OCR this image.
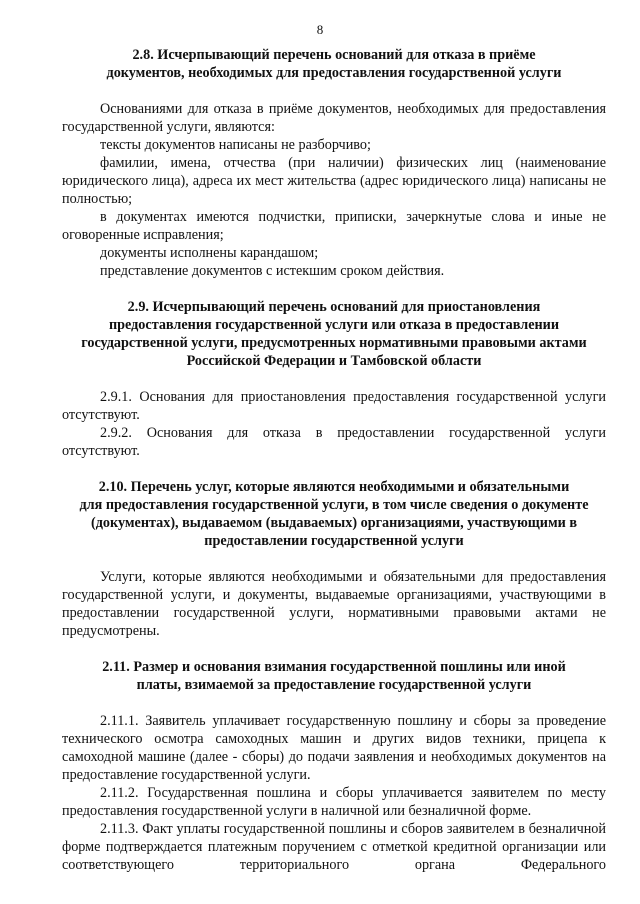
8
2.8. Исчерпывающий перечень оснований для отказа в приёме
документов, необходимых для предоставления государственной услуги

Основаниями для отказа в приёме документов, необходимых для предоставления государственной услуги, являются:

тексты документов написаны не разборчиво;

фамилии, имена, отчества (при наличии) физических лиц (наименование юридического лица), адреса их мест жительства (адрес юридического лица) написаны не полностью;

в документах имеются подчистки, приписки, зачеркнутые слова и иные не оговоренные исправления;

документы исполнены карандашом;

представление документов с истекшим сроком действия.

2.9. Исчерпывающий перечень оснований для приостановления
предоставления государственной услуги или отказа в предоставлении
государственной услуги, предусмотренных нормативными правовыми актами
Российской Федерации и Тамбовской области

2.9.1. Основания для приостановления предоставления государственной услуги отсутствуют.

2.9.2. Основания для отказа в предоставлении государственной услуги отсутствуют.

2.10. Перечень услуг, которые являются необходимыми и обязательными
для предоставления государственной услуги, в том числе сведения о документе
(документах), выдаваемом (выдаваемых) организациями, участвующими в
предоставлении государственной услуги

Услуги, которые являются необходимыми и обязательными для предоставления государственной услуги, и документы, выдаваемые организациями, участвующими в предоставлении государственной услуги, нормативными правовыми актами не предусмотрены.

2.11. Размер и основания взимания государственной пошлины или иной
платы, взимаемой за предоставление государственной услуги

2.11.1. Заявитель уплачивает государственную пошлину и сборы за проведение технического осмотра самоходных машин и других видов техники, прицепа к самоходной машине (далее - сборы) до подачи заявления и необходимых документов на предоставление государственной услуги.

2.11.2. Государственная пошлина и сборы уплачивается заявителем по месту предоставления государственной услуги в наличной или безналичной форме.

2.11.3. Факт уплаты государственной пошлины и сборов заявителем в безналичной форме подтверждается платежным поручением с отметкой кредитной организации или соответствующего территориального органа Федерального
